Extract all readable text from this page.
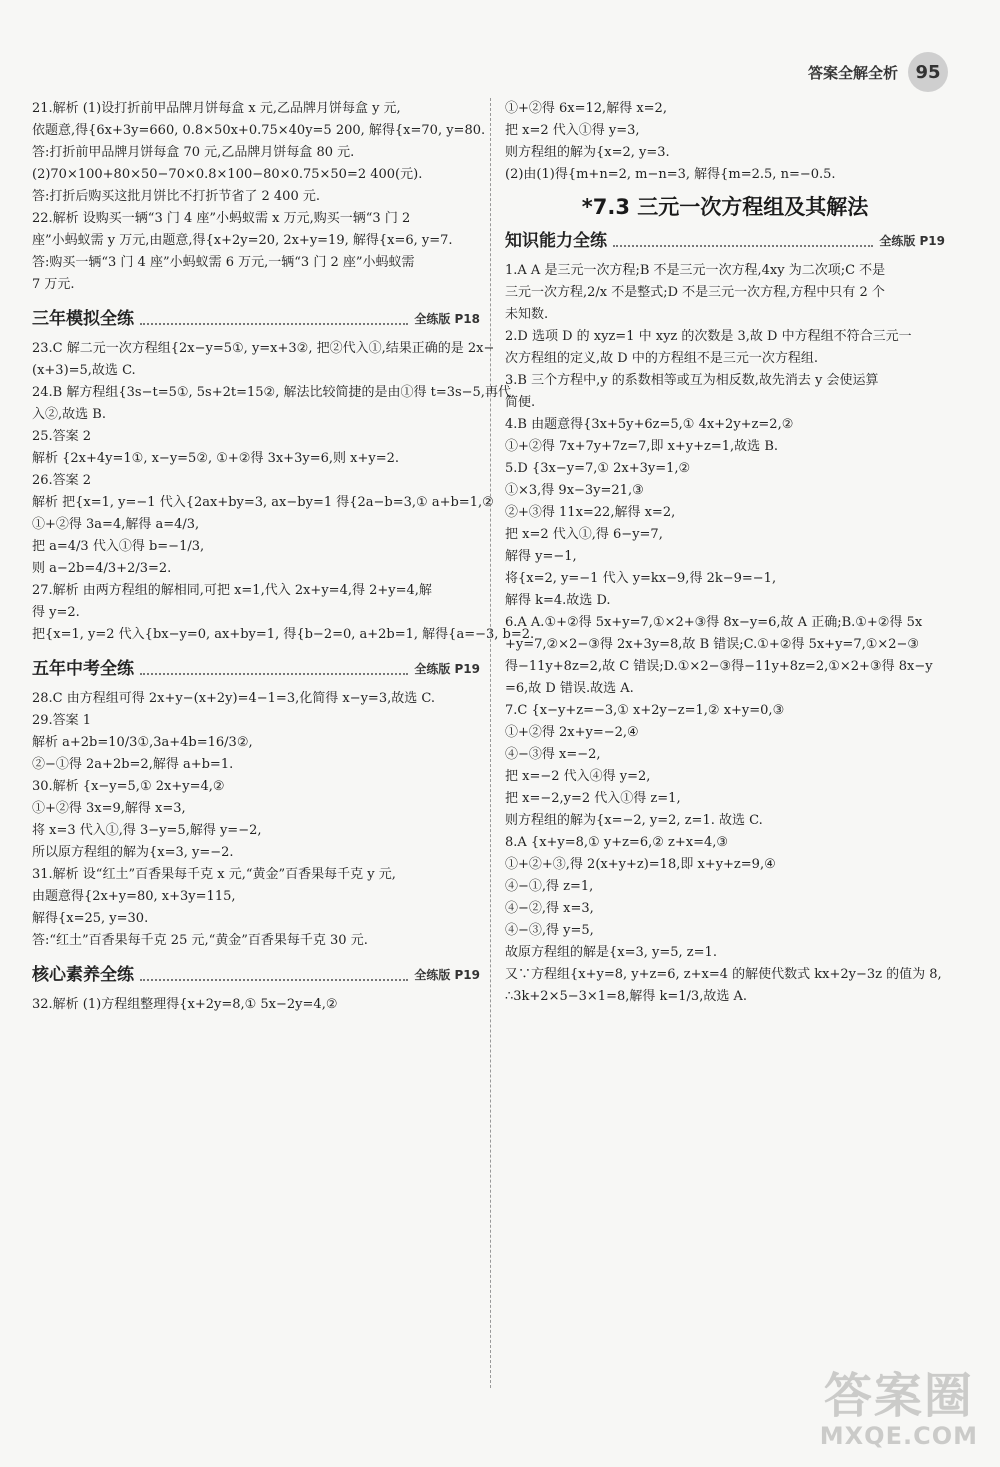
答案全解全析 95
21.解析 (1)设打折前甲品牌月饼每盒 x 元,乙品牌月饼每盒 y 元,
依题意,得{6x+3y=660, 0.8×50x+0.75×40y=5 200, 解得{x=70, y=80.
答:打折前甲品牌月饼每盒 70 元,乙品牌月饼每盒 80 元.
(2)70×100+80×50−70×0.8×100−80×0.75×50=2 400(元).
答:打折后购买这批月饼比不打折节省了 2 400 元.
22.解析 设购买一辆“3 门 4 座”小蚂蚁需 x 万元,购买一辆“3 门 2
座”小蚂蚁需 y 万元,由题意,得{x+2y=20, 2x+y=19, 解得{x=6, y=7.
答:购买一辆“3 门 4 座”小蚂蚁需 6 万元,一辆“3 门 2 座”小蚂蚁需
7 万元.
三年模拟全练	全练版 P18
23.C 解二元一次方程组{2x−y=5①, y=x+3②, 把②代入①,结果正确的是 2x−
(x+3)=5,故选 C.
24.B 解方程组{3s−t=5①, 5s+2t=15②, 解法比较简捷的是由①得 t=3s−5,再代
入②,故选 B.
25.答案 2
解析 {2x+4y=1①, x−y=5②, ①+②得 3x+3y=6,则 x+y=2.
26.答案 2
解析 把{x=1, y=−1 代入{2ax+by=3, ax−by=1 得{2a−b=3,① a+b=1,②
①+②得 3a=4,解得 a=4/3,
把 a=4/3 代入①得 b=−1/3,
则 a−2b=4/3+2/3=2.
27.解析 由两方程组的解相同,可把 x=1,代入 2x+y=4,得 2+y=4,解
得 y=2.
把{x=1, y=2 代入{bx−y=0, ax+by=1, 得{b−2=0, a+2b=1, 解得{a=−3, b=2.
五年中考全练	全练版 P19
28.C 由方程组可得 2x+y−(x+2y)=4−1=3,化简得 x−y=3,故选 C.
29.答案 1
解析 a+2b=10/3①,3a+4b=16/3②,
②−①得 2a+2b=2,解得 a+b=1.
30.解析 {x−y=5,① 2x+y=4,②
①+②得 3x=9,解得 x=3,
将 x=3 代入①,得 3−y=5,解得 y=−2,
所以原方程组的解为{x=3, y=−2.
31.解析 设“红土”百香果每千克 x 元,“黄金”百香果每千克 y 元,
由题意得{2x+y=80, x+3y=115,
解得{x=25, y=30.
答:“红土”百香果每千克 25 元,“黄金”百香果每千克 30 元.
核心素养全练	全练版 P19
32.解析 (1)方程组整理得{x+2y=8,① 5x−2y=4,②
①+②得 6x=12,解得 x=2,
把 x=2 代入①得 y=3,
则方程组的解为{x=2, y=3.
(2)由(1)得{m+n=2, m−n=3, 解得{m=2.5, n=−0.5.
*7.3 三元一次方程组及其解法
知识能力全练	全练版 P19
1.A A 是三元一次方程;B 不是三元一次方程,4xy 为二次项;C 不是
三元一次方程,2/x 不是整式;D 不是三元一次方程,方程中只有 2 个
未知数.
2.D 选项 D 的 xyz=1 中 xyz 的次数是 3,故 D 中方程组不符合三元一
次方程组的定义,故 D 中的方程组不是三元一次方程组.
3.B 三个方程中,y 的系数相等或互为相反数,故先消去 y 会使运算
简便.
4.B 由题意得{3x+5y+6z=5,① 4x+2y+z=2,②
①+②得 7x+7y+7z=7,即 x+y+z=1,故选 B.
5.D {3x−y=7,① 2x+3y=1,②
①×3,得 9x−3y=21,③
②+③得 11x=22,解得 x=2,
把 x=2 代入①,得 6−y=7,
解得 y=−1,
将{x=2, y=−1 代入 y=kx−9,得 2k−9=−1,
解得 k=4.故选 D.
6.A A.①+②得 5x+y=7,①×2+③得 8x−y=6,故 A 正确;B.①+②得 5x
+y=7,②×2−③得 2x+3y=8,故 B 错误;C.①+②得 5x+y=7,①×2−③
得−11y+8z=2,故 C 错误;D.①×2−③得−11y+8z=2,①×2+③得 8x−y
=6,故 D 错误.故选 A.
7.C {x−y+z=−3,① x+2y−z=1,② x+y=0,③
①+②得 2x+y=−2,④
④−③得 x=−2,
把 x=−2 代入④得 y=2,
把 x=−2,y=2 代入①得 z=1,
则方程组的解为{x=−2, y=2, z=1. 故选 C.
8.A {x+y=8,① y+z=6,② z+x=4,③
①+②+③,得 2(x+y+z)=18,即 x+y+z=9,④
④−①,得 z=1,
④−②,得 x=3,
④−③,得 y=5,
故原方程组的解是{x=3, y=5, z=1.
又∵方程组{x+y=8, y+z=6, z+x=4 的解使代数式 kx+2y−3z 的值为 8,
∴3k+2×5−3×1=8,解得 k=1/3,故选 A.
答案圈
MXQE.COM
